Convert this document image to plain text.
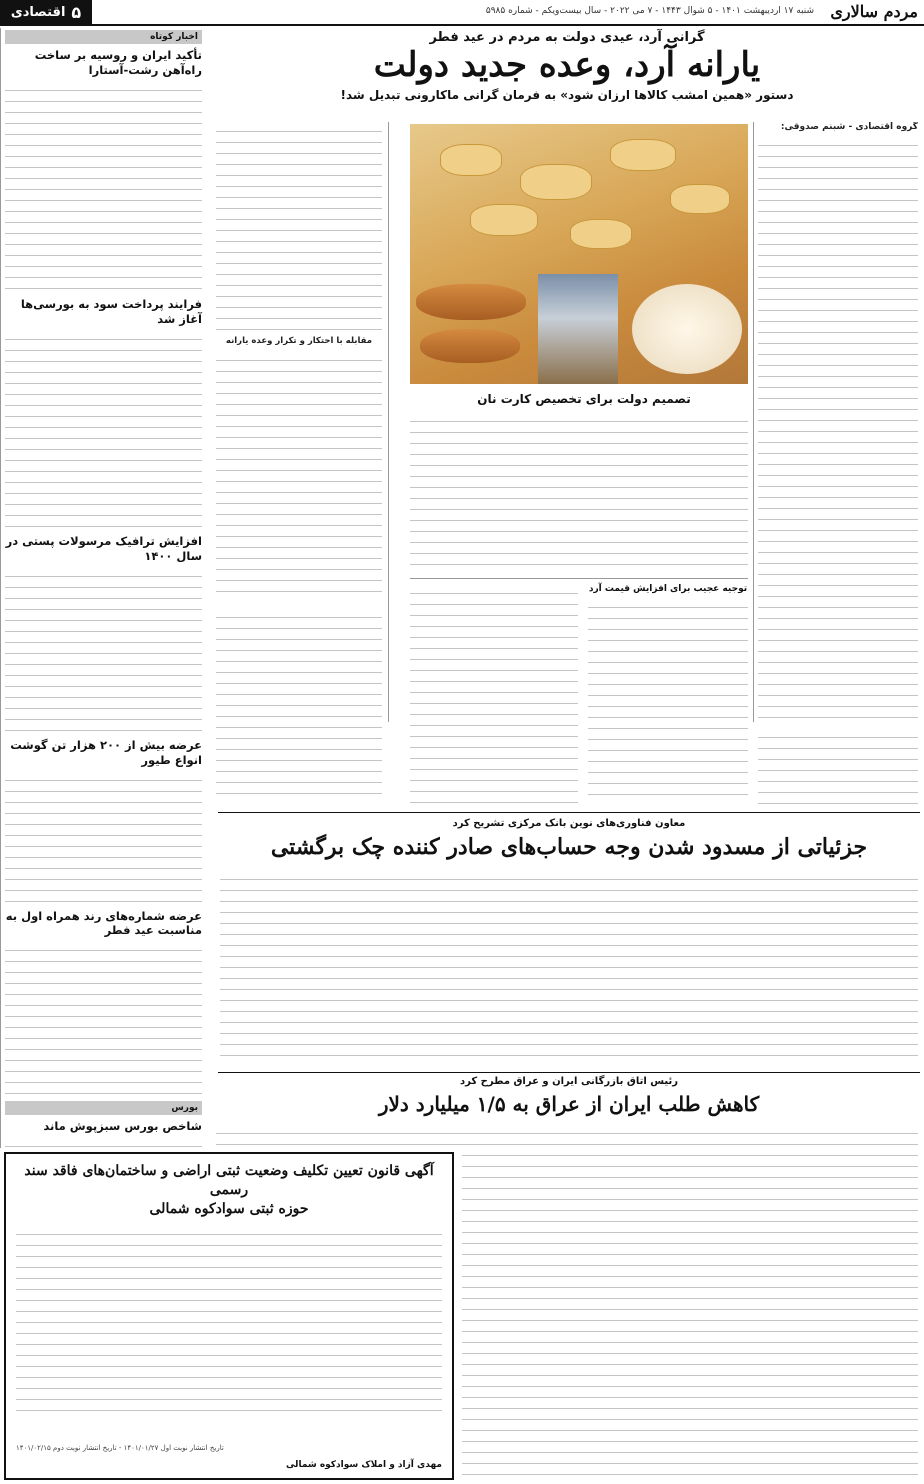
مردم سالاری
شنبه ۱۷ اردیبهشت ۱۴۰۱ - ۵ شوال ۱۴۴۳ - ۷ می ۲۰۲۲ - سال بیست‌ویکم - شماره ۵۹۸۵
۵
اقتصادی
اخبار کوتاه
تأکید ایران و روسیه بر ساخت راه‌آهن رشت-آستارا
فرایند پرداخت سود به بورسی‌ها آغاز شد
افزایش ترافیک مرسولات پستی در سال ۱۴۰۰
عرضه بیش از ۲۰۰ هزار تن گوشت انواع طیور
عرضه شماره‌های رند همراه اول به مناسبت عید فطر
بورس
شاخص بورس سبزپوش ماند
گرانی آرد، عیدی دولت به مردم در عید فطر
یارانه آرد، وعده جدید دولت
دستور «همین امشب کالاها ارزان شود» به فرمان گرانی ماکارونی تبدیل شد!
گروه اقتصادی - شبنم صدوقی:
مقابله با احتکار و تکرار وعده یارانه
تصمیم دولت برای تخصیص کارت نان
توجیه عجیب برای افزایش قیمت آرد
معاون فناوری‌های نوین بانک مرکزی تشریح کرد
جزئیاتی از مسدود شدن وجه حساب‌های صادر کننده چک برگشتی
رئیس اتاق بازرگانی ایران و عراق مطرح کرد
کاهش طلب ایران از عراق به ۱/۵ میلیارد دلار
آگهی قانون تعیین تکلیف وضعیت ثبتی اراضی و ساختمان‌های فاقد سند رسمی
حوزه ثبتی سوادکوه شمالی
تاریخ انتشار نوبت اول ۱۴۰۱/۰۱/۲۷ - تاریخ انتشار نوبت دوم ۱۴۰۱/۰۲/۱۵
مهدی آزاد و املاک سوادکوه شمالی
